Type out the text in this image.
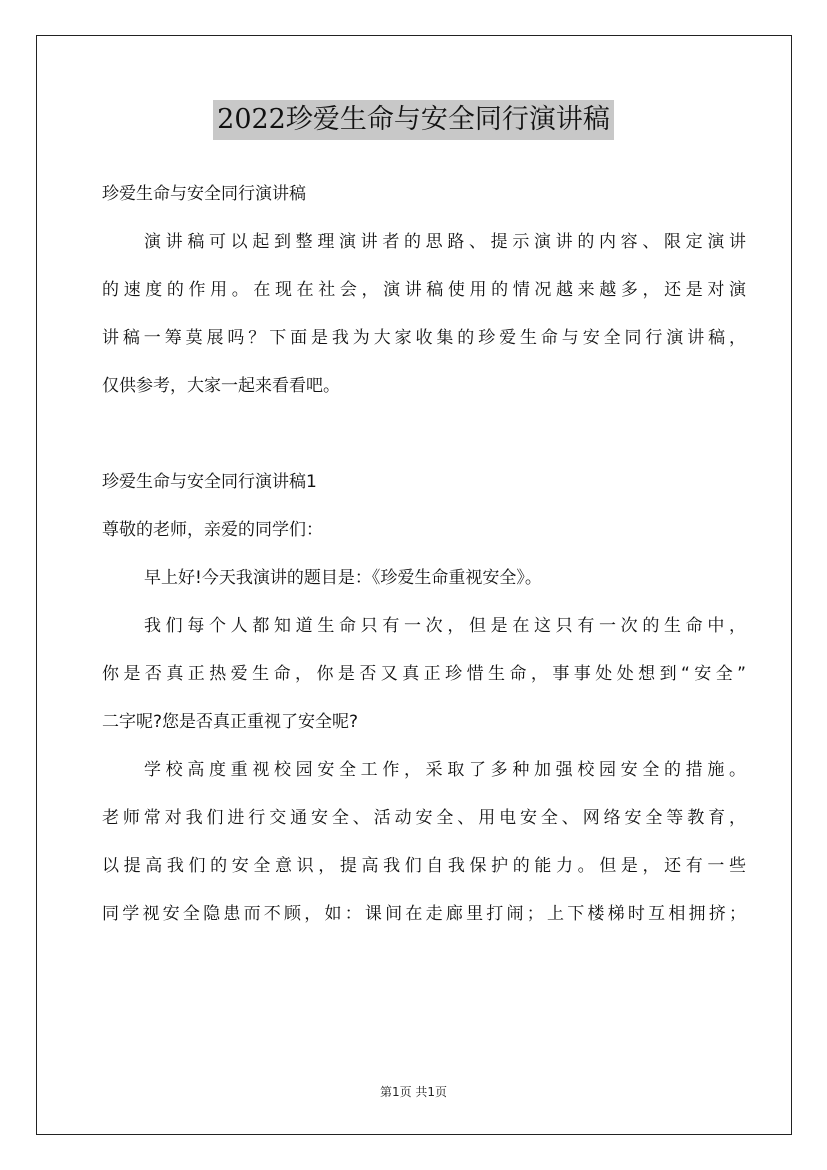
2022珍爱生命与安全同行演讲稿

珍爱生命与安全同行演讲稿

演讲稿可以起到整理演讲者的思路、提示演讲的内容、限定演讲

的速度的作用。在现在社会，演讲稿使用的情况越来越多，还是对演

讲稿一筹莫展吗？下面是我为大家收集的珍爱生命与安全同行演讲稿，

仅供参考，大家一起来看看吧。

珍爱生命与安全同行演讲稿1

尊敬的老师，亲爱的同学们：

早上好!今天我演讲的题目是：《珍爱生命重视安全》。

我们每个人都知道生命只有一次，但是在这只有一次的生命中，

你是否真正热爱生命，你是否又真正珍惜生命，事事处处想到“安全”

二字呢?您是否真正重视了安全呢?

学校高度重视校园安全工作，采取了多种加强校园安全的措施。

老师常对我们进行交通安全、活动安全、用电安全、网络安全等教育，

以提高我们的安全意识，提高我们自我保护的能力。但是，还有一些

同学视安全隐患而不顾，如：课间在走廊里打闹；上下楼梯时互相拥挤；

第1页 共1页
